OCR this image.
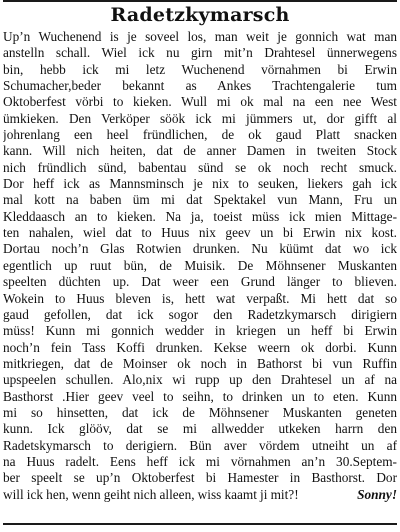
Radetzkymarsch
Up’n Wuchenend is je soveel los, man weit je gonnich wat man
anstelln schall. Wiel ick nu girn mit’n Drahtesel ünnerwegens
bin, hebb ick mi letz Wuchenend vörnahmen bi Erwin
Schumacher,beder bekannt as Ankes Trachtengalerie tum
Oktoberfest vörbi to kieken. Wull mi ok mal na een nee West
ümkieken. Den Verköper söök ick mi jümmers ut, dor gifft al
johrenlang een heel fründlichen, de ok gaud Platt snacken
kann. Will nich heiten, dat de anner Damen in tweiten Stock
nich fründlich sünd, babentau sünd se ok noch recht smuck.
Dor heff ick as Mannsminsch je nix to seuken, liekers gah ick
mal kott na baben üm mi dat Spektakel vun Mann, Fru un
Kleddaasch an to kieken. Na ja, toeist müss ick mien Mittage-
ten nahalen, wiel dat to Huus nix geev un bi Erwin nix kost.
Dortau noch’n Glas Rotwien drunken. Nu küümt dat wo ick
egentlich up ruut bün, de Muisik. De Möhnsener Muskanten
speelten düchten up. Dat weer een Grund länger to blieven.
Wokein to Huus bleven is, hett wat verpaßt. Mi hett dat so
gaud gefollen, dat ick sogor den Radetzkymarsch dirigiern
müss! Kunn mi gonnich wedder in kriegen un heff bi Erwin
noch’n fein Tass Koffi drunken. Kekse weern ok dorbi. Kunn
mitkriegen, dat de Moinser ok noch in Bathorst bi vun Ruffin
upspeelen schullen. Alo,nix wi rupp up den Drahtesel un af na
Basthorst .Hier geev veel to seihn, to drinken un to eten. Kunn
mi so hinsetten, dat ick de Möhnsener Muskanten geneten
kunn. Ick glööv, dat se mi allwedder utkeken harrn den
Radetskymarsch to derigiern. Bün aver vördem utneiht un af
na Huus radelt. Eens heff ick mi vörnahmen an’n 30.Septem-
ber speelt se up’n Oktoberfest bi Hamester in Basthorst. Dor
will ick hen, wenn geiht nich alleen, wiss kaamt ji mit?!	Sonny!
